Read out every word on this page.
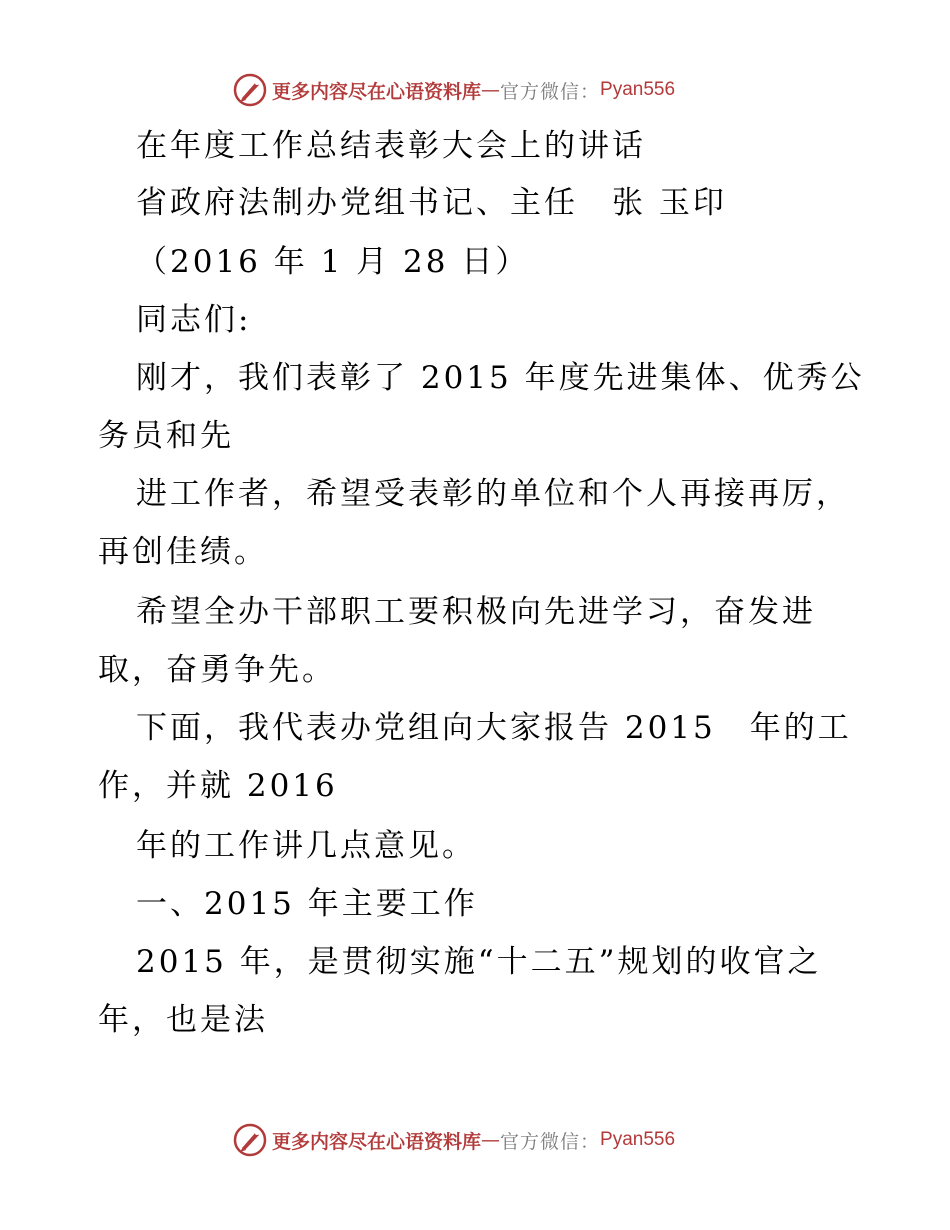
更多内容尽在心语资料库 — 官方微信： Pyan556
在年度工作总结表彰大会上的讲话
省政府法制办党组书记、主任　张 玉印
（2016 年 1 月 28 日）
同志们:
刚才，我们表彰了 2015 年度先进集体、优秀公
务员和先
进工作者，希望受表彰的单位和个人再接再厉，
再创佳绩。
希望全办干部职工要积极向先进学习，奋发进
取，奋勇争先。
下面，我代表办党组向大家报告 2015　年的工
作，并就 2016
年的工作讲几点意见。
一、2015 年主要工作
2015 年，是贯彻实施“十二五”规划的收官之
年，也是法
更多内容尽在心语资料库 — 官方微信： Pyan556
